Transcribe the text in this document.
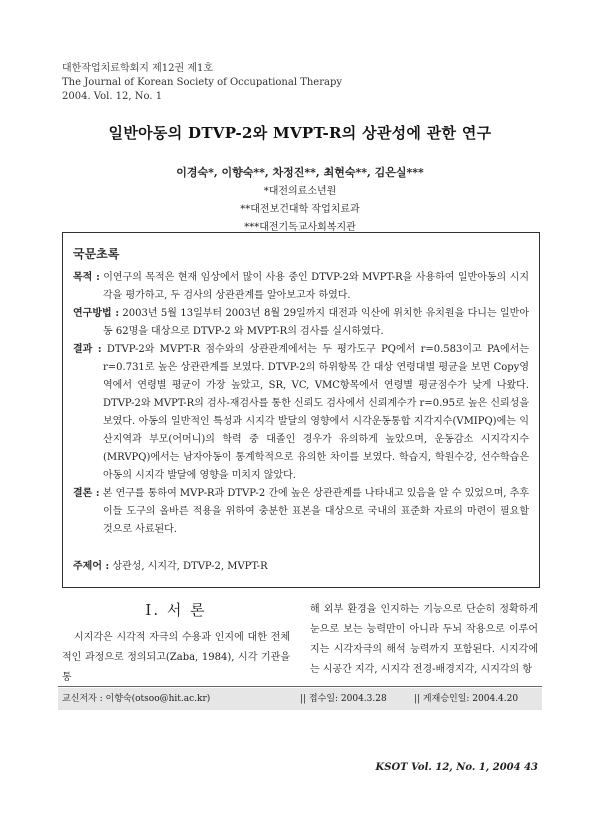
대한작업치료학회지 제12권 제1호
The Journal of Korean Society of Occupational Therapy
2004. Vol. 12, No. 1
일반아동의 DTVP-2와 MVPT-R의 상관성에 관한 연구
이경숙*, 이향숙**, 차정진**, 최현숙**, 김은실***
*대전의료소년원
**대전보건대학 작업치료과
***대전기독교사회복지관
국문초록
목적 : 이연구의 목적은 현재 임상에서 많이 사용 중인 DTVP-2와 MVPT-R을 사용하여 일반아동의 시지각을 평가하고, 두 검사의 상관관계를 알아보고자 하였다.
연구방법 : 2003년 5월 13일부터 2003년 8월 29일까지 대전과 익산에 위치한 유치원을 다니는 일반아동 62명을 대상으로 DTVP-2 와 MVPT-R의 검사를 실시하였다.
결과 : DTVP-2와 MVPT-R 점수와의 상관관계에서는 두 평가도구 PQ에서 r=0.583이고 PA에서는 r=0.731로 높은 상관관계를 보였다. DTVP-2의 하위항목 간 대상 연령대별 평균을 보면 Copy영역에서 연령별 평균이 가장 높았고, SR, VC, VMC항목에서 연령별 평균점수가 낮게 나왔다. DTVP-2와 MVPT-R의 검사-재검사를 통한 신뢰도 검사에서 신뢰계수가 r=0.95로 높은 신뢰성을 보였다. 아동의 일반적인 특성과 시지각 발달의 영향에서 시각운동통합 지각지수(VMIPQ)에는 익산지역과 부모(어머니)의 학력 중 대졸인 경우가 유의하게 높았으며, 운동감소 시지각지수(MRVPQ)에서는 남자아동이 통계학적으로 유의한 차이를 보였다. 학습지, 학원수강, 선수학습은 아동의 시지각 발달에 영향을 미치지 않았다.
결론 : 본 연구를 통하여 MVP-R과 DTVP-2 간에 높은 상관관계를 나타내고 있음을 알 수 있었으며, 추후 이들 도구의 올바른 적용을 위하여 충분한 표본을 대상으로 국내의 표준화 자료의 마련이 필요할 것으로 사료된다.
주제어 : 상관성, 시지각, DTVP-2, MVPT-R
I. 서 론

시지각은 시각적 자극의 수용과 인지에 대한 전체적인 과정으로 정의되고(Zaba, 1984), 시각 기관을 통

해 외부 환경을 인지하는 기능으로 단순히 정확하게 눈으로 보는 능력만이 아니라 두뇌 작용으로 이루어지는 시각자극의 해석 능력까지 포함된다. 시지각에는 시공간 지각, 시지각 전경-배경지각, 시지각의 항

교신저자 : 이향숙(otsoo@hit.ac.kr)	|| 접수일: 2004.3.28	|| 게재승인일: 2004.4.20
KSOT Vol. 12, No. 1, 2004 43
